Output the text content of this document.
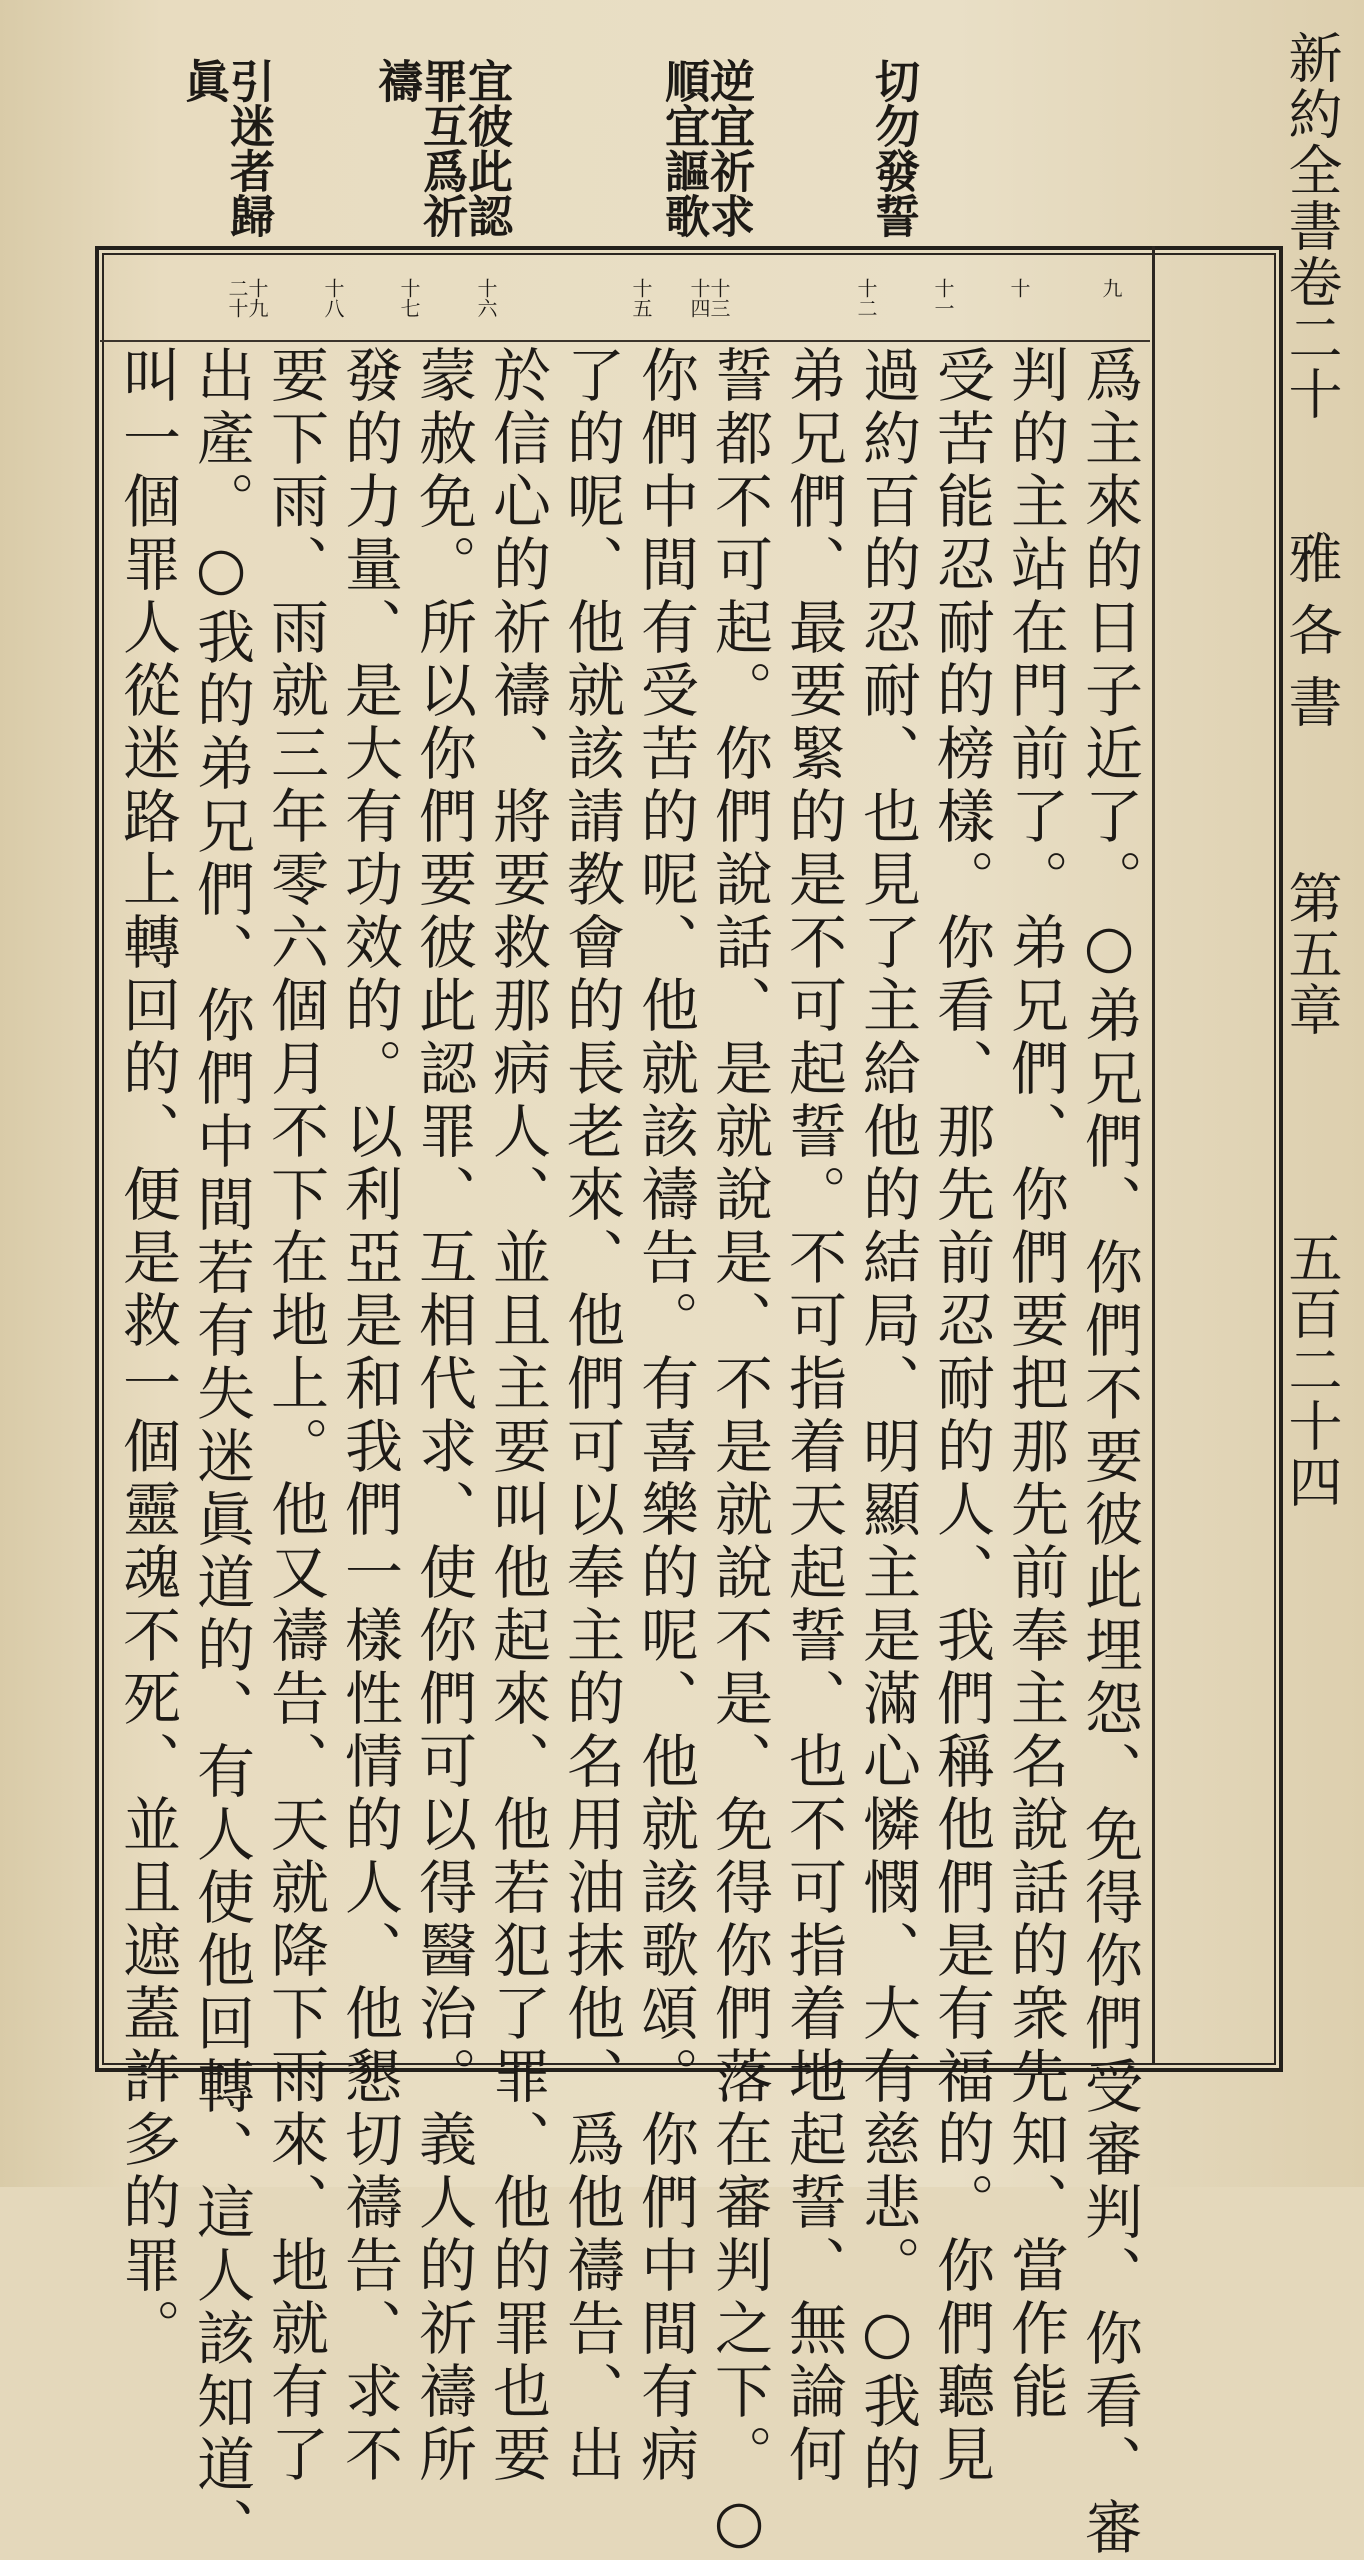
切勿發誓
逆宜祈求
順宜謳歌
宜彼此認
罪互爲祈
禱
引迷者歸
眞	新約全書卷二十
雅各書
第五章
五百二十四
九
十
十一
十二
十三
十四
十五
十六
十七
十八
十九
二十
爲主來的日子近了。○弟兄們、你們不要彼此埋怨、免得你們受審判、你看、審
判的主站在門前了。弟兄們、你們要把那先前奉主名說話的衆先知、當作能
受苦能忍耐的榜樣。你看、那先前忍耐的人、我們稱他們是有福的。你們聽見
過約百的忍耐、也見了主給他的結局、明顯主是滿心憐憫、大有慈悲。○我的
弟兄們、最要緊的是不可起誓。不可指着天起誓、也不可指着地起誓、無論何
誓都不可起。你們說話、是就說是、不是就說不是、免得你們落在審判之下。○
你們中間有受苦的呢、他就該禱告。有喜樂的呢、他就該歌頌。你們中間有病
了的呢、他就該請教會的長老來、他們可以奉主的名用油抹他、爲他禱告、出
於信心的祈禱、將要救那病人、並且主要叫他起來、他若犯了罪、他的罪也要
蒙赦免。所以你們要彼此認罪、互相代求、使你們可以得醫治。義人的祈禱所
發的力量、是大有功效的。以利亞是和我們一樣性情的人、他懇切禱告、求不
要下雨、雨就三年零六個月不下在地上。他又禱告、天就降下雨來、地就有了
出產。○我的弟兄們、你們中間若有失迷眞道的、有人使他回轉、這人該知道、
叫一個罪人從迷路上轉回的、便是救一個靈魂不死、並且遮蓋許多的罪。
